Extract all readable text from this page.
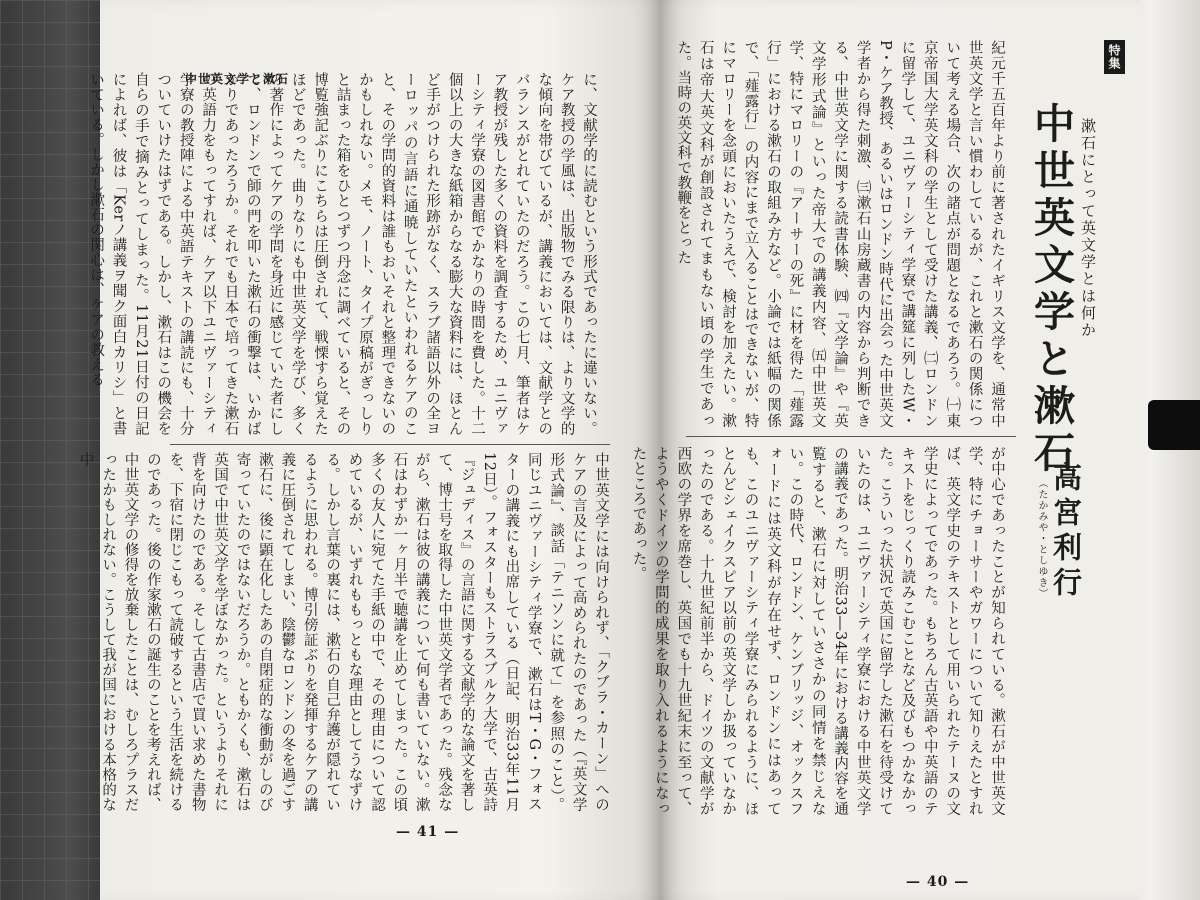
中世英文学と漱石	に、文献学的に読むという形式であったに違いない。ケア教授の学風は、出版物でみる限りは、より文学的な傾向を帯びているが、講義においては、文献学とのバランスがとれていたのだろう。この七月、筆者はケア教授が残した多くの資料を調査するため、ユニヴァーシティ学寮の図書館でかなりの時間を費した。十二個以上の大きな紙箱からなる膨大な資料には、ほとんど手がつけられた形跡がなく、スラブ諸語以外の全ヨーロッパの言語に通暁していたといわれるケアのこと、その学問的資料は誰もおいそれと整理できないのかもしれない。メモ、ノート、タイプ原稿がぎっしりと詰まった箱をひとつずつ丹念に調べていると、その博覧強記ぶりにこちらは圧倒されて、戦慄すら覚えたほどであった。曲りなりにも中世英文学を学び、多くの著作によってケアの学問を身近に感じていた者にして、ロンドンで師の門を叩いた漱石の衝撃は、いかばかりであったろうか。それでも日本で培ってきた漱石の英語力をもってすれば、ケア以下ユニヴァーシティ学寮の教授陣による中英語テキストの講読にも、十分ついていけたはずである。しかし、漱石はこの機会を自らの手で摘みとってしまった。11月21日付の日記によれば、彼は「Kerノ講義ヲ聞ク面白カリシ」と書いている。しかし漱石の関心は、ケアの教える

中世英文学には向けられず、「クブラ・カーン」へのケアの言及によって高められたのであった（『英文学形式論』、談話「テニソンに就て」を参照のこと）。同じユニヴァーシティ学寮で、漱石はT・G・フォスターの講義にも出席している（日記、明治33年11月12日）。フォスターもストラスブルク大学で、古英詩『ジュディス』の言語に関する文献学的な論文を著して、博士号を取得した中世英文学者であった。残念ながら、漱石は彼の講義について何も書いていない。漱石はわずか一ヶ月半で聴講を止めてしまった。この頃多くの友人に宛てた手紙の中で、その理由について認めているが、いずれももっともな理由としてうなずける。しかし言葉の裏には、漱石の自己弁護が隠れているように思われる。博引傍証ぶりを発揮するケアの講義に圧倒されてしまい、陰鬱なロンドンの冬を過ごす漱石に、後に顕在化したあの自閉症的な衝動がしのび寄っていたのではないだろうか。ともかくも、漱石は英国で中世英文学を学ぼなかった。というよりそれに背を向けたのである。そして古書店で買い求めた書物を、下宿に閉じこもって読破するという生活を続けるのであった。後の作家漱石の誕生のことを考えれば、中世英文学の修得を放棄したことは、むしろプラスだったかもしれない。こうして我が国における本格的な中

— 41 —
特集
漱石にとって英文学とは何か
中世英文学と漱石

紀元千五百年より前に著されたイギリス文学を、通常中世英文学と言い慣わしているが、これと漱石の関係について考える場合、次の諸点が問題となるであろう。㈠東京帝国大学英文科の学生として受けた講義、㈡ロンドンに留学して、ユニヴァーシティ学寮で講筵に列したW・P・ケア教授、あるいはロンドン時代に出会った中世英文学者から得た刺激、㈢漱石山房蔵書の内容から判断できる、中世英文学に関する読書体験、㈣『文学論』や『英文学形式論』といった帝大での講義内容、㈤中世英文学、特にマロリーの『アーサーの死』に材を得た「薤露行」における漱石の取組み方など。小論では紙幅の関係で、「薤露行」の内容にまで立入ることはできないが、特にマロリーを念頭においたうえで、検討を加えたい。漱石は帝大英文科が創設されてまもない頃の学生であった。当時の英文科で教鞭をとった

高宮利行
（たかみや・としゆき）

が中心であったことが知られている。漱石が中世英文学、特にチョーサーやガワーについて知りえたとすれば、英文学史のテキストとして用いられたテーヌの文学史によってであった。もちろん古英語や中英語のテキストをじっくり読みこむことなど及びもつかなかった。こういった状況で英国に留学した漱石を待受けていたのは、ユニヴァーシティ学寮における中世英文学の講義であった。明治33―34年における講義内容を通覧すると、漱石に対していささかの同情を禁じえない。この時代、ロンドン、ケンブリッジ、オックスフォードには英文科が存在せず、ロンドンにはあっても、このユニヴァーシティ学寮にみられるように、ほとんどシェイクスピア以前の英文学しか扱っていなかったのである。十九世紀前半から、ドイツの文献学が西欧の学界を席巻し、英国でも十九世紀末に至って、ようやくドイツの学問的成果を取り入れるようになったところであった。

— 40 —
